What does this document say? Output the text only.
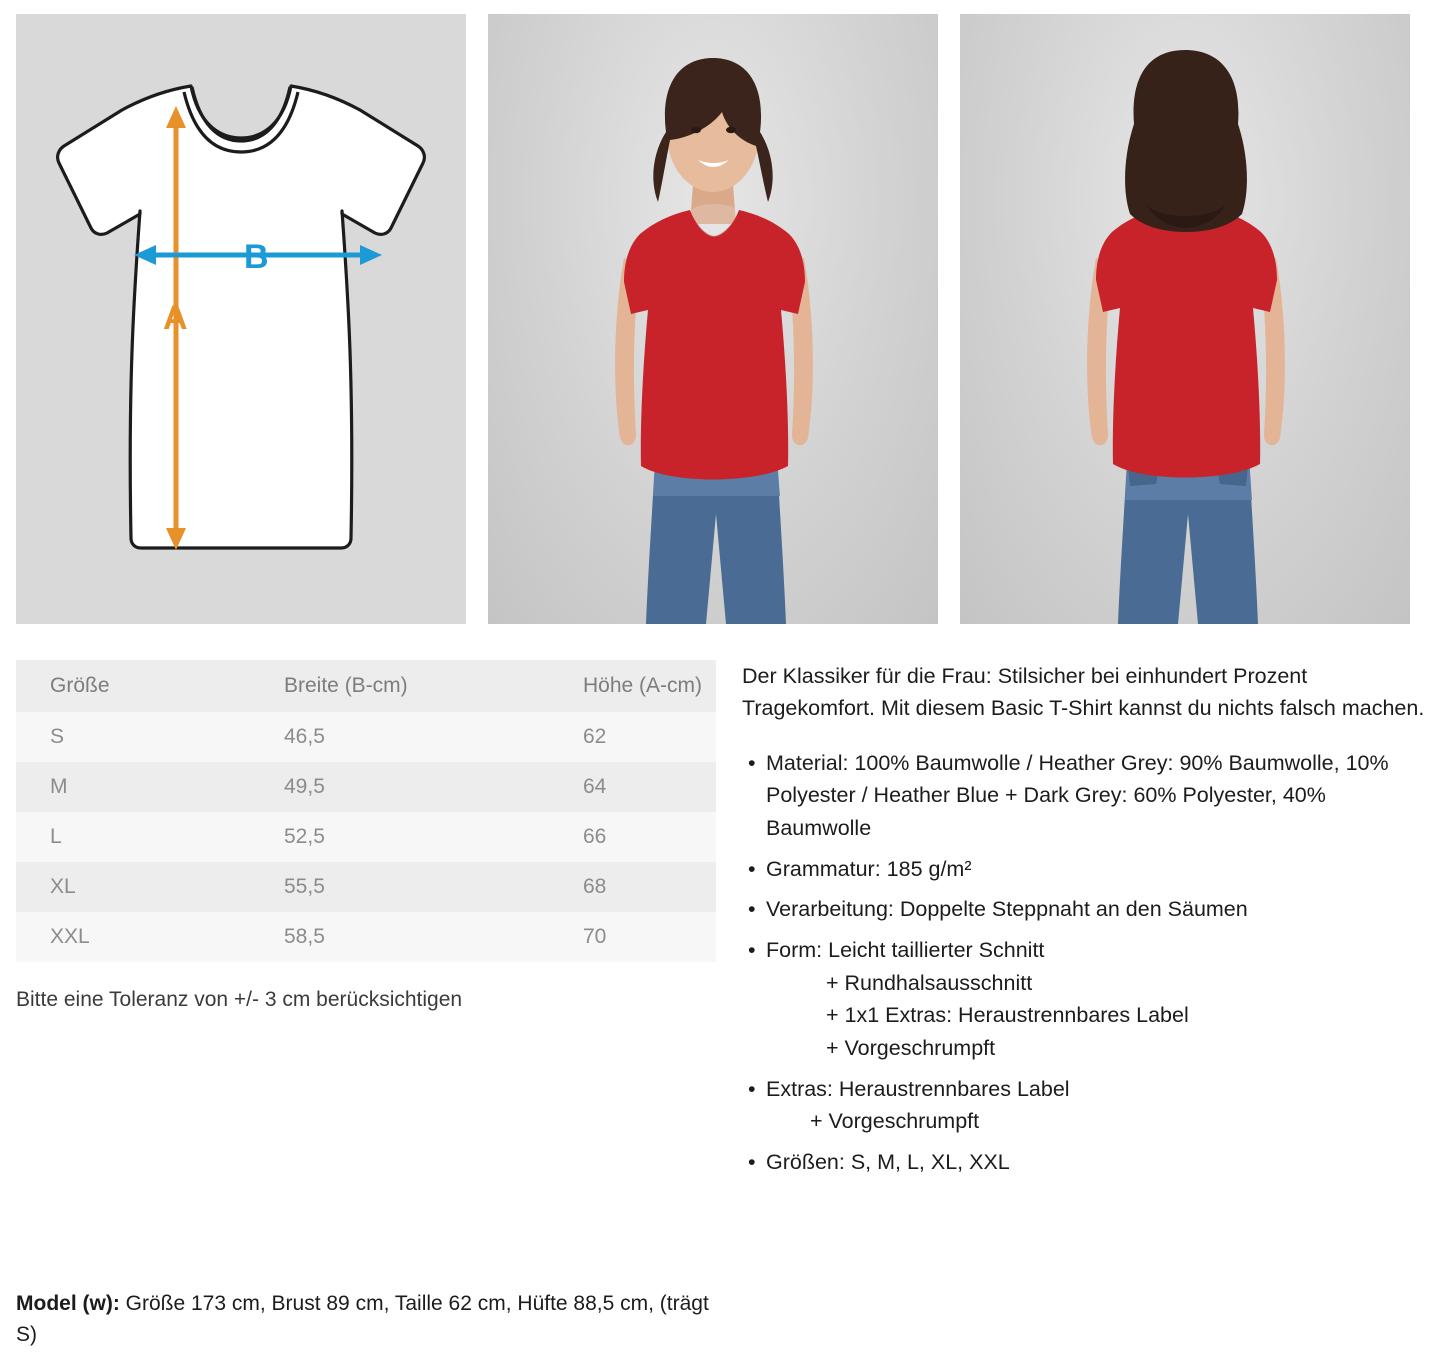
A
B
Größe	Breite (B-cm)	Höhe (A-cm)
S	46,5	62
M	49,5	64
L	52,5	66
XL	55,5	68
XXL	58,5	70
Bitte eine Toleranz von +/- 3 cm berücksichtigen

Der Klassiker für die Frau: Stilsicher bei einhundert Prozent Tragekomfort. Mit diesem Basic T-Shirt kannst du nichts falsch machen.

• Material: 100% Baumwolle / Heather Grey: 90% Baumwolle, 10% Polyester / Heather Blue + Dark Grey: 60% Polyester, 40% Baumwolle
• Grammatur: 185 g/m²
• Verarbeitung: Doppelte Steppnaht an den Säumen
• Form: Leicht taillierter Schnitt
+ Rundhalsausschnitt
+ 1x1 Extras: Heraustrennbares Label
+ Vorgeschrumpft
• Extras: Heraustrennbares Label
+ Vorgeschrumpft
• Größen: S, M, L, XL, XXL
Model (w): Größe 173 cm, Brust 89 cm, Taille 62 cm, Hüfte 88,5 cm, (trägt S)
